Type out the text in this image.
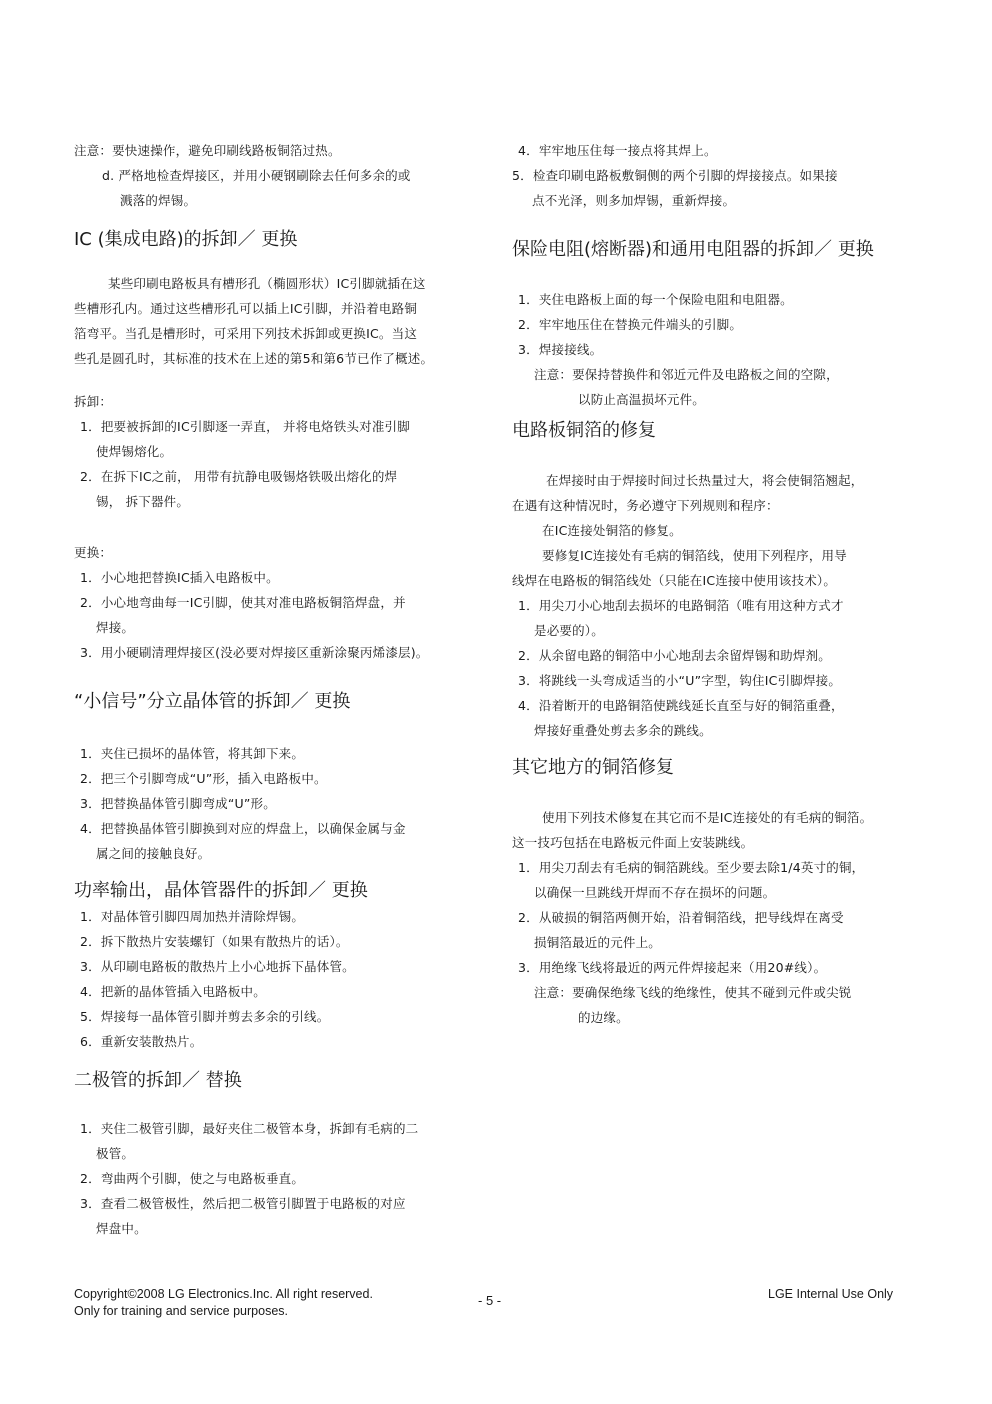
注意：要快速操作，避免印刷线路板铜箔过热。
d. 严格地检查焊接区，并用小硬钢刷除去任何多余的或
溅落的焊锡。
IC (集成电路)的拆卸／ 更换
某些印刷电路板具有槽形孔（椭圆形状）IC引脚就插在这
些槽形孔内。通过这些槽形孔可以插上IC引脚，并沿着电路铜
箔弯平。当孔是槽形时，可采用下列技术拆卸或更换IC。当这
些孔是圆孔时，其标准的技术在上述的第5和第6节已作了概述。
拆卸：
1．把要被拆卸的IC引脚逐一弄直， 并将电烙铁头对准引脚
使焊锡熔化。
2．在拆下IC之前， 用带有抗静电吸锡烙铁吸出熔化的焊
锡， 拆下器件。
更换：
1．小心地把替换IC插入电路板中。
2．小心地弯曲每一IC引脚，使其对准电路板铜箔焊盘，并
焊接。
3．用小硬刷清理焊接区(没必要对焊接区重新涂聚丙烯漆层)。
“小信号”分立晶体管的拆卸／ 更换
1．夹住已损坏的晶体管，将其卸下来。
2．把三个引脚弯成“U”形，插入电路板中。
3．把替换晶体管引脚弯成“U”形。
4．把替换晶体管引脚换到对应的焊盘上，以确保金属与金
属之间的接触良好。
功率输出，晶体管器件的拆卸／ 更换
1．对晶体管引脚四周加热并清除焊锡。
2．拆下散热片安装螺钉（如果有散热片的话）。
3．从印刷电路板的散热片上小心地拆下晶体管。
4．把新的晶体管插入电路板中。
5．焊接每一晶体管引脚并剪去多余的引线。
6．重新安装散热片。
二极管的拆卸／ 替换
1．夹住二极管引脚，最好夹住二极管本身，拆卸有毛病的二
极管。
2．弯曲两个引脚，使之与电路板垂直。
3．查看二极管极性，然后把二极管引脚置于电路板的对应
焊盘中。
4．牢牢地压住每一接点将其焊上。
5．检查印刷电路板敷铜侧的两个引脚的焊接接点。如果接
点不光泽，则多加焊锡，重新焊接。
保险电阻(熔断器)和通用电阻器的拆卸／ 更换
1．夹住电路板上面的每一个保险电阻和电阻器。
2．牢牢地压住在替换元件端头的引脚。
3．焊接接线。
注意：要保持替换件和邻近元件及电路板之间的空隙，
以防止高温损坏元件。
电路板铜箔的修复
在焊接时由于焊接时间过长热量过大，将会使铜箔翘起，
在遇有这种情况时，务必遵守下列规则和程序：
在IC连接处铜箔的修复。
要修复IC连接处有毛病的铜箔线，使用下列程序，用导
线焊在电路板的铜箔线处（只能在IC连接中使用该技术）。
1．用尖刀小心地刮去损坏的电路铜箔（唯有用这种方式才
是必要的）。
2．从余留电路的铜箔中小心地刮去余留焊锡和助焊剂。
3．将跳线一头弯成适当的小“U”字型，钩住IC引脚焊接。
4．沿着断开的电路铜箔使跳线延长直至与好的铜箔重叠，
焊接好重叠处剪去多余的跳线。
其它地方的铜箔修复
使用下列技术修复在其它而不是IC连接处的有毛病的铜箔。
这一技巧包括在电路板元件面上安装跳线。
1．用尖刀刮去有毛病的铜箔跳线。至少要去除1/4英寸的铜，
以确保一旦跳线开焊而不存在损坏的问题。
2．从破损的铜箔两侧开始，沿着铜箔线，把导线焊在离受
损铜箔最近的元件上。
3．用绝缘飞线将最近的两元件焊接起来（用20#线）。
注意：要确保绝缘飞线的绝缘性，使其不碰到元件或尖锐
的边缘。
Copyright©2008 LG Electronics.Inc. All right reserved.
Only for training and service purposes.
- 5 -	LGE Internal Use Only
